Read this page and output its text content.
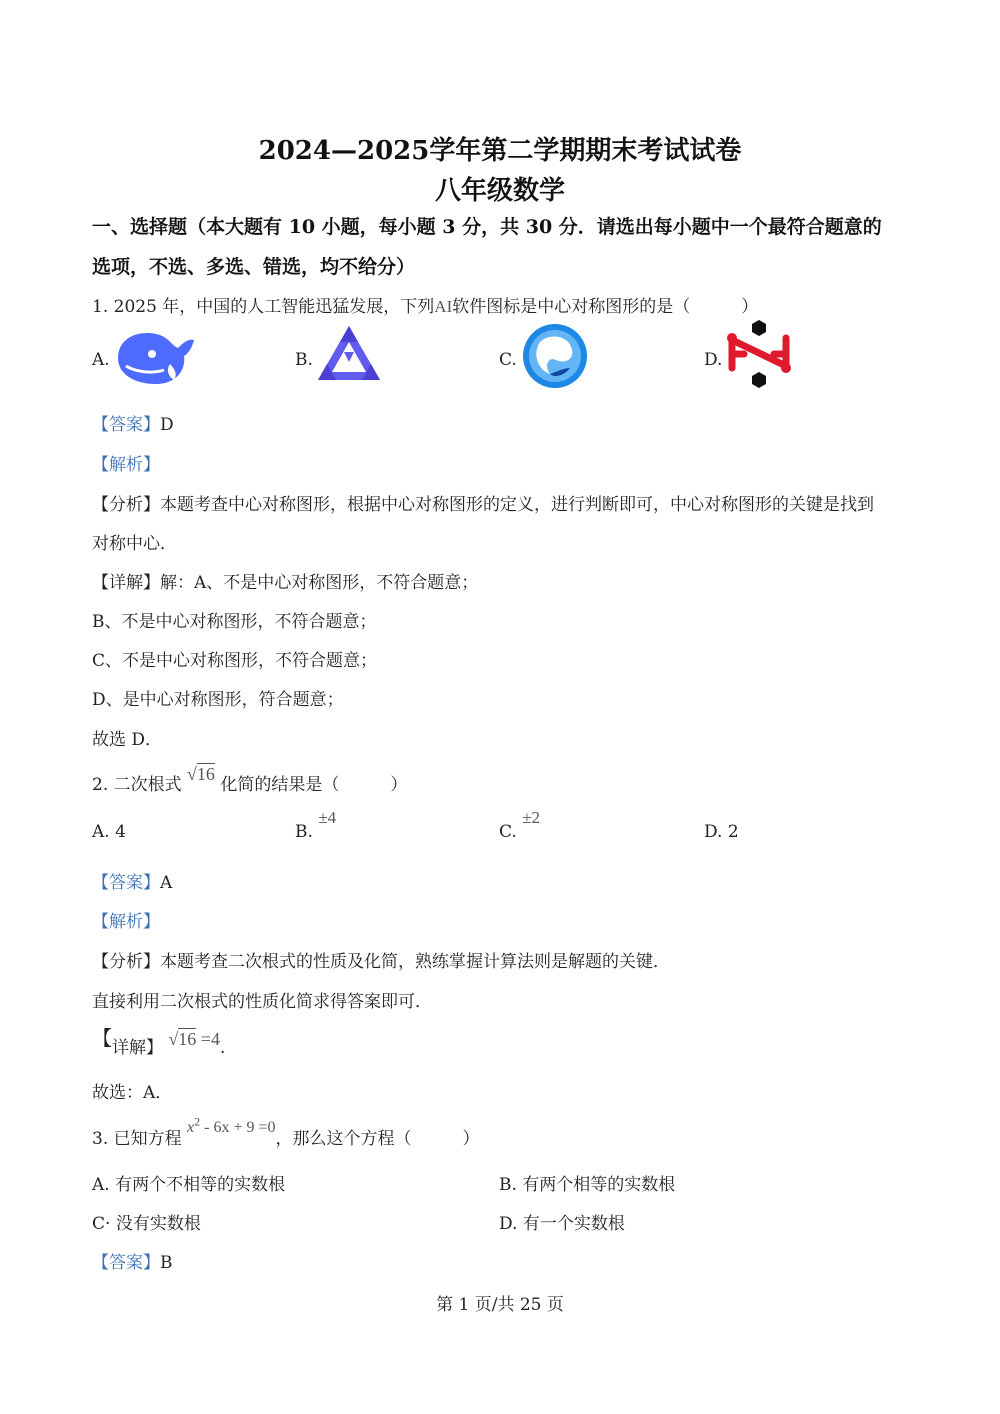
2024—2025学年第二学期期末考试试卷
八年级数学
一、选择题（本大题有 10 小题，每小题 3 分，共 30 分．请选出每小题中一个最符合题意的
选项，不选、多选、错选，均不给分）
1. 2025 年，中国的人工智能迅猛发展，下列AI软件图标是中心对称图形的是（　　　）
A.	B.	C.	D.
【答案】D
【解析】
【分析】本题考查中心对称图形，根据中心对称图形的定义，进行判断即可，中心对称图形的关键是找到
对称中心．
【详解】解：A、不是中心对称图形，不符合题意；
B、不是中心对称图形，不符合题意；
C、不是中心对称图形，不符合题意；
D、是中心对称图形，符合题意；
故选 D．
2. 二次根式 √16 化简的结果是（　　　）
A. 4	B. ±4
C. ±2
D. 2
【答案】A
【解析】
【分析】本题考查二次根式的性质及化简，熟练掌握计算法则是解题的关键．
直接利用二次根式的性质化简求得答案即可．
【详解】 √16 =4.
故选：A．
3. 已知方程 $x^2 - 6x + 9 =0$，那么这个方程（　　　）
A. 有两个不相等的实数根	B. 有两个相等的实数根
C· 没有实数根	D. 有一个实数根
【答案】B
第 1 页/共 25 页
